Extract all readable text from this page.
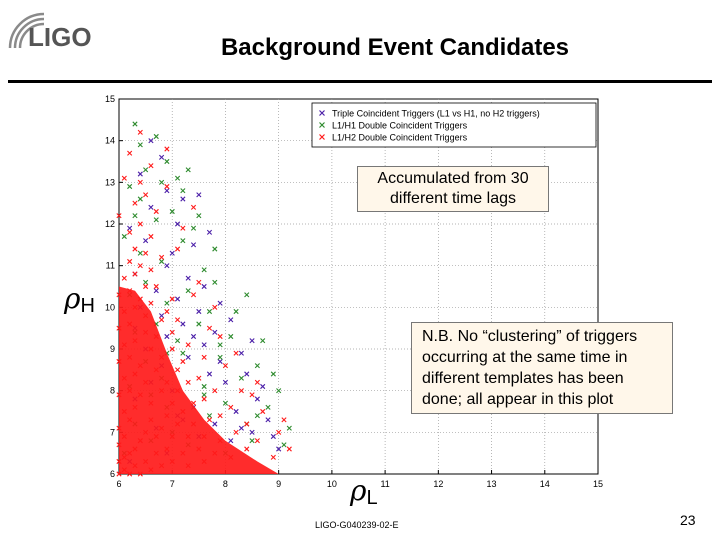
LIGO	Background Event Candidates
6	7	8	9	10	11	12	13	14	15
6
7
8
9
10
11
12
13
14
15
Triple Coincident Triggers (L1 vs H1, no H2 triggers)
L1/H1 Double Coincident Triggers
L1/H2 Double Coincident Triggers
Accumulated from 30 different time lags
N.B. No “clustering” of triggers occurring at the same time in different templates has been done; all appear in this plot
$\rho_H$
$\rho_L$
LIGO-G040239-02-E	23
